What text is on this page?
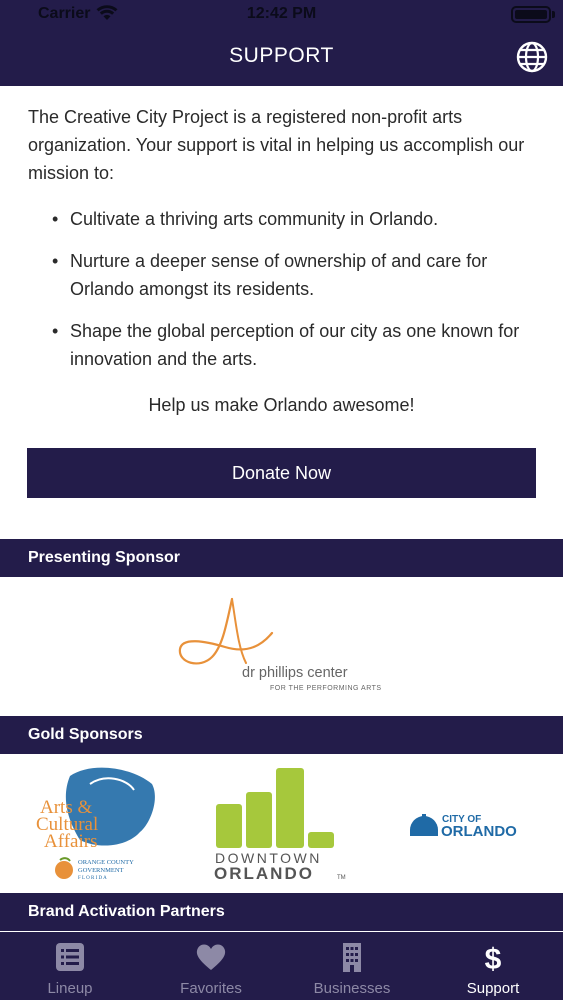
Carrier	12:42 PM
SUPPORT

The Creative City Project is a registered non-profit arts organization. Your support is vital in helping us accomplish our mission to:

• Cultivate a thriving arts community in Orlando.
• Nurture a deeper sense of ownership of and care for Orlando amongst its residents.
• Shape the global perception of our city as one known for innovation and the arts.
Help us make Orlando awesome!
Donate Now
Presenting Sponsor
dr phillips center
FOR THE PERFORMING ARTS
Gold Sponsors
Arts &
Cultural
Affairs
ORANGE COUNTY
GOVERNMENT
F L O R I D A
DOWNTOWN
ORLANDO	TM
CITY OF
ORLANDO
Brand Activation Partners
Lineup	Favorites	Businesses
$
Support
